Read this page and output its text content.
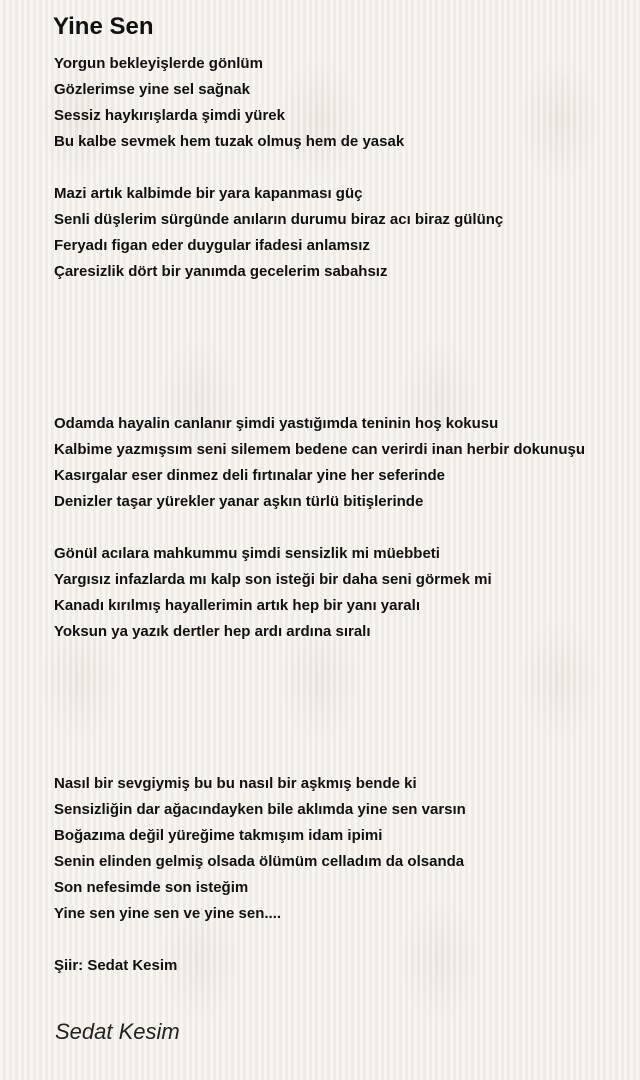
Yine Sen

Yorgun bekleyişlerde gönlüm

Gözlerimse yine sel sağnak

Sessiz haykırışlarda şimdi yürek

Bu kalbe sevmek hem tuzak olmuş hem de yasak

Mazi artık kalbimde bir yara kapanması güç

Senli düşlerim sürgünde anıların durumu biraz acı biraz gülünç

Feryadı figan eder duygular ifadesi anlamsız

Çaresizlik dört bir yanımda gecelerim sabahsız

Odamda hayalin canlanır şimdi yastığımda teninin hoş kokusu

Kalbime yazmışsım seni silemem bedene can verirdi inan herbir dokunuşu

Kasırgalar eser dinmez deli fırtınalar yine her seferinde

Denizler taşar yürekler yanar aşkın türlü bitişlerinde

Gönül acılara mahkummu şimdi sensizlik mi müebbeti

Yargısız infazlarda mı kalp son isteği bir daha seni görmek mi

Kanadı kırılmış hayallerimin artık hep bir yanı yaralı

Yoksun ya yazık dertler hep ardı ardına sıralı

Nasıl bir sevgiymiş bu bu nasıl bir aşkmış bende ki

Sensizliğin dar ağacındayken bile aklımda yine sen varsın

Boğazıma değil yüreğime takmışım idam ipimi

Senin elinden gelmiş olsada ölümüm celladım da olsanda

Son nefesimde son isteğim

Yine sen yine sen ve yine sen....

Şiir: Sedat Kesim

Sedat Kesim
